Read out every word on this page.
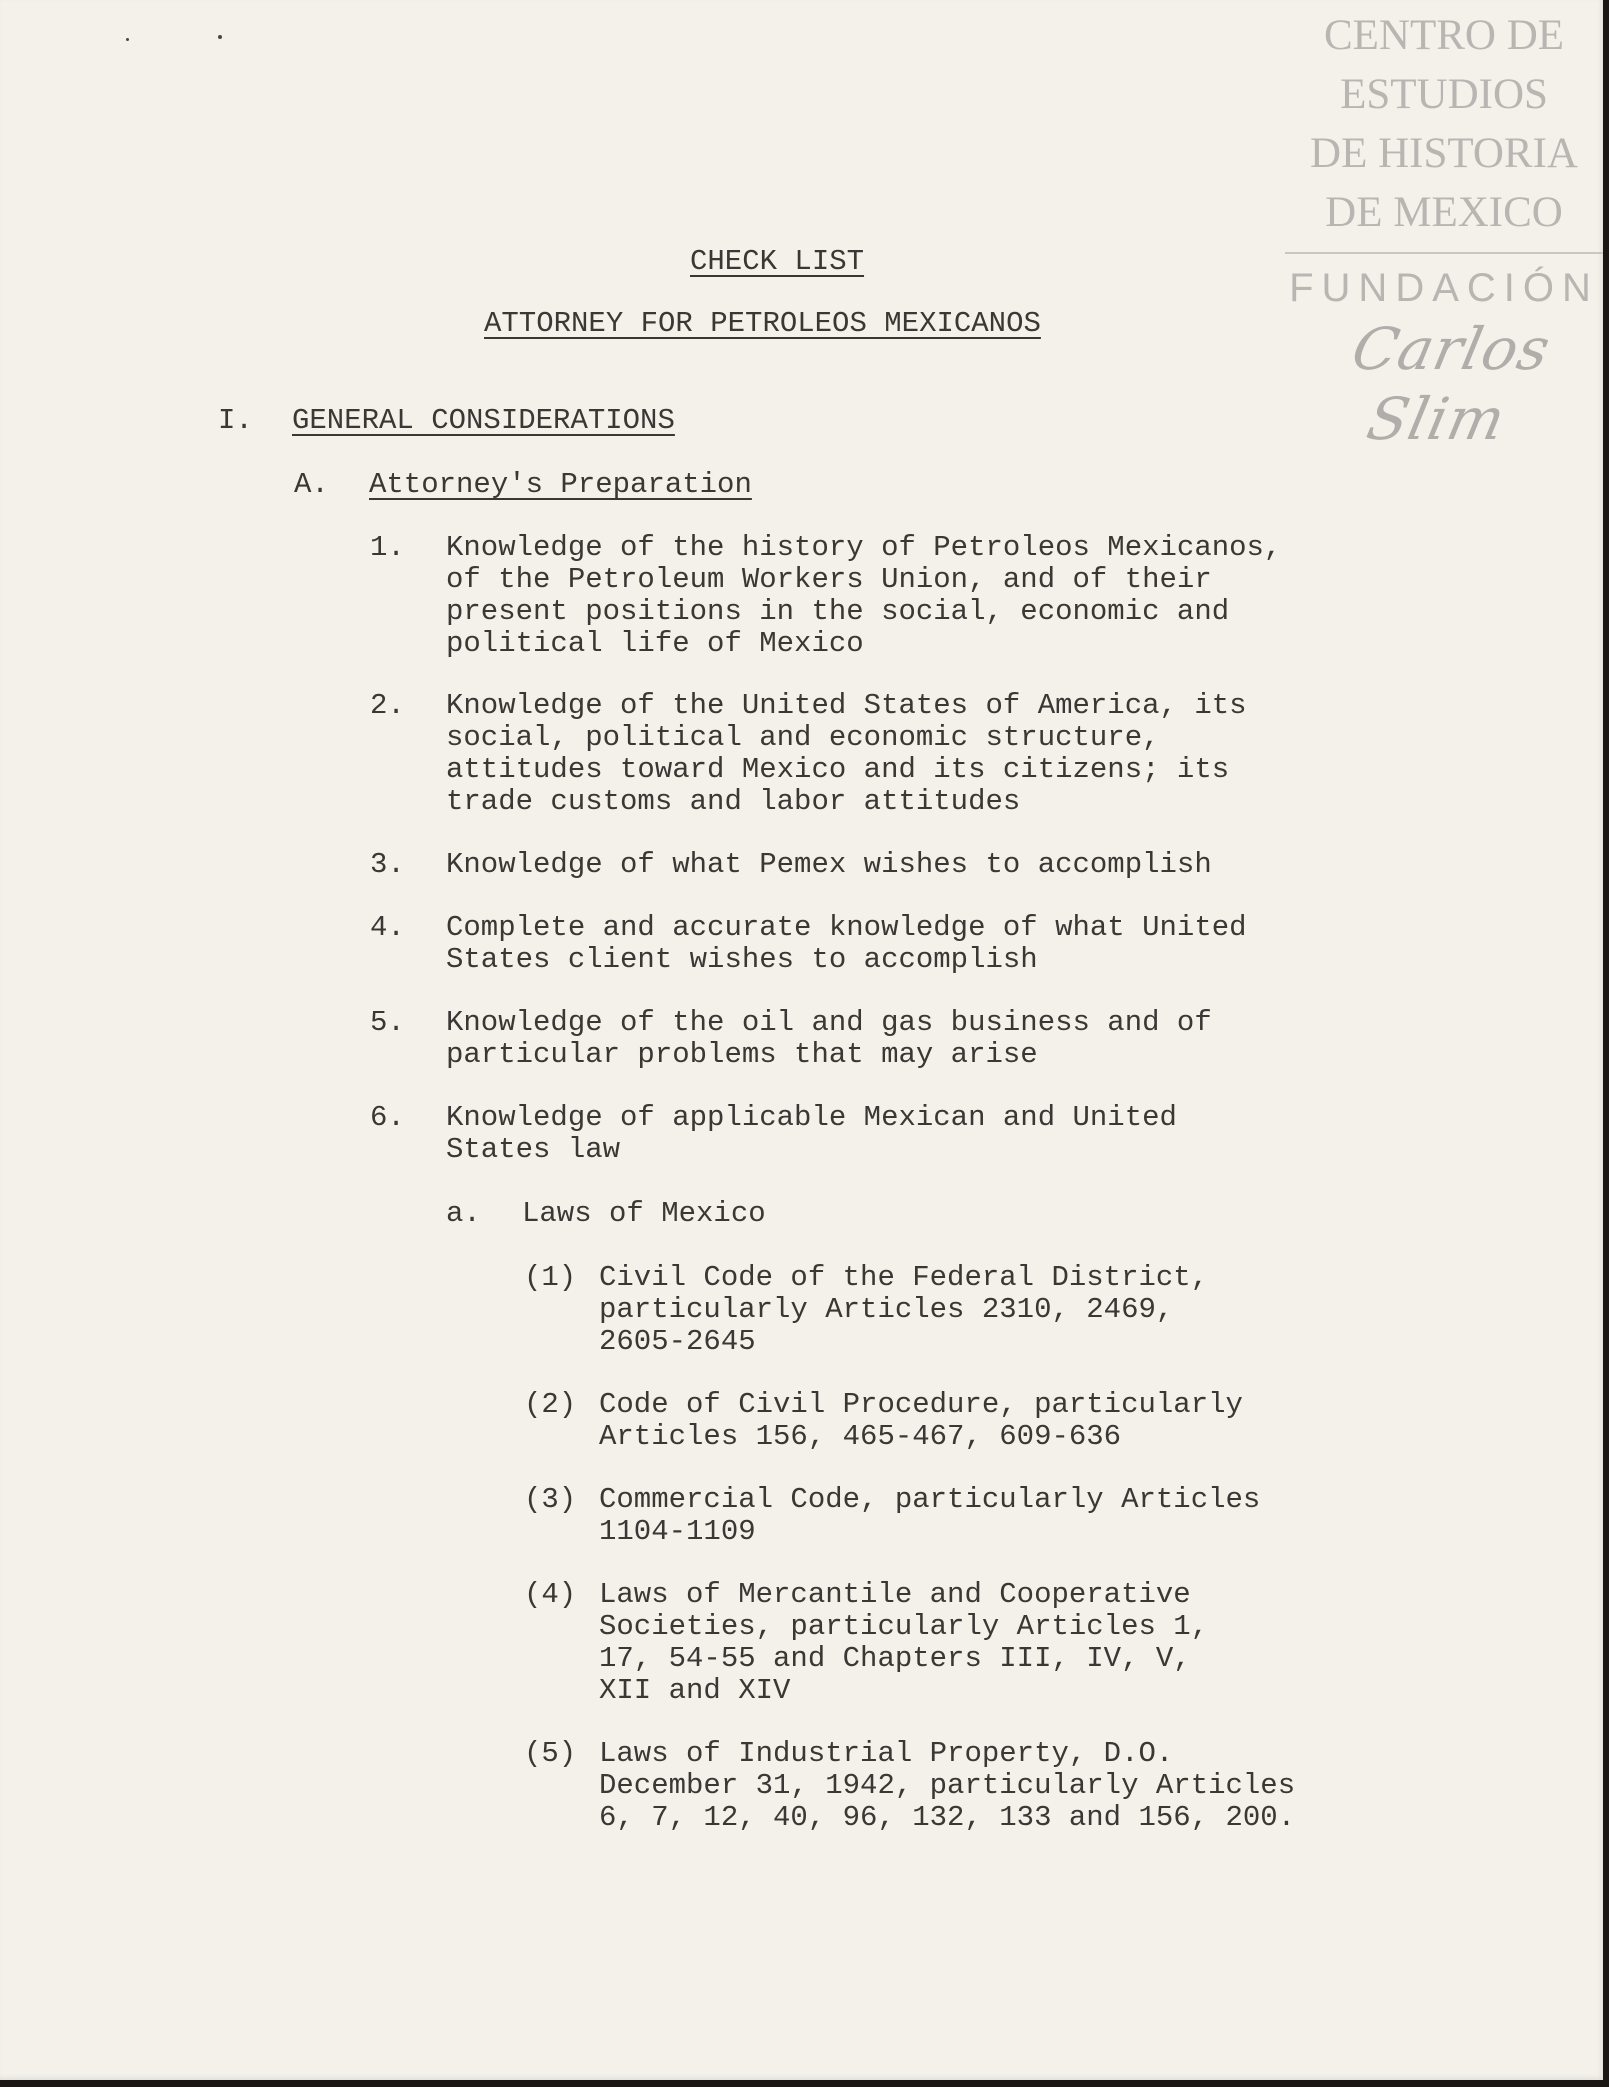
CENTRO DE
ESTUDIOS
DE HISTORIA
DE MEXICO
FUNDACIÓN
Carlos Slim
CHECK LIST
ATTORNEY FOR PETROLEOS MEXICANOS
I. GENERAL CONSIDERATIONS
A. Attorney's Preparation
1. Knowledge of the history of Petroleos Mexicanos,
of the Petroleum Workers Union, and of their
present positions in the social, economic and
political life of Mexico
2. Knowledge of the United States of America, its
social, political and economic structure,
attitudes toward Mexico and its citizens; its
trade customs and labor attitudes
3. Knowledge of what Pemex wishes to accomplish
4. Complete and accurate knowledge of what United
States client wishes to accomplish
5. Knowledge of the oil and gas business and of
particular problems that may arise
6. Knowledge of applicable Mexican and United
States law
a. Laws of Mexico
(1) Civil Code of the Federal District,
particularly Articles 2310, 2469,
2605-2645
(2) Code of Civil Procedure, particularly
Articles 156, 465-467, 609-636
(3) Commercial Code, particularly Articles
1104-1109
(4) Laws of Mercantile and Cooperative
Societies, particularly Articles 1,
17, 54-55 and Chapters III, IV, V,
XII and XIV
(5) Laws of Industrial Property, D.O.
December 31, 1942, particularly Articles
6, 7, 12, 40, 96, 132, 133 and 156, 200.
